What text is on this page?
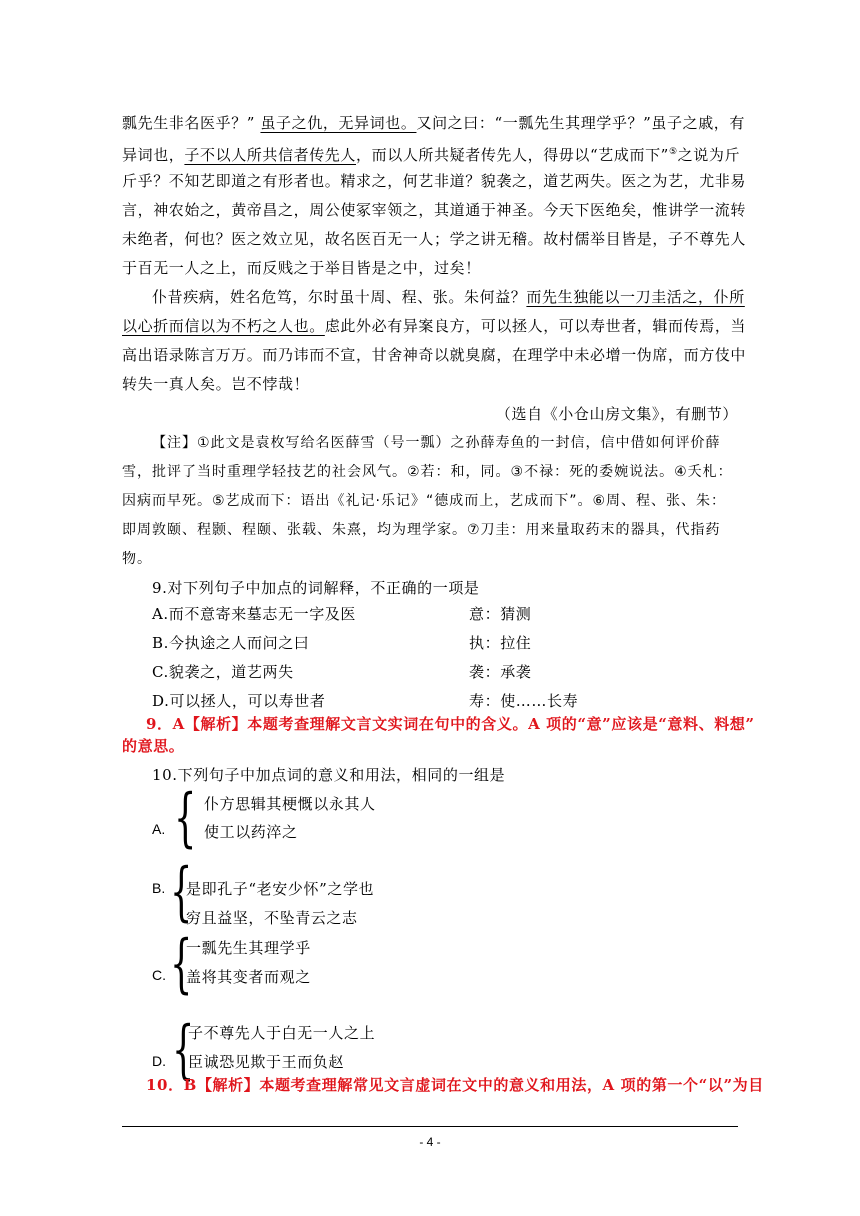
瓢先生非名医乎？” 虽子之仇，无异词也。又问之曰：“一瓢先生其理学乎？”虽子之戚，有
异词也，子不以人所共信者传先人，而以人所共疑者传先人，得毋以“艺成而下”⑤之说为斤
斤乎？不知艺即道之有形者也。精求之，何艺非道？貌袭之，道艺两失。医之为艺，尤非易
言，神农始之，黄帝昌之，周公使冢宰领之，其道通于神圣。今天下医绝矣，惟讲学一流转
未绝者，何也？医之效立见，故名医百无一人；学之讲无稽。故村儒举目皆是，子不尊先人
于百无一人之上，而反贱之于举目皆是之中，过矣！
仆昔疾病，姓名危笃，尔时虽十周、程、张。朱何益？而先生独能以一刀圭活之，仆所
以心折而信以为不朽之人也。虑此外必有异案良方，可以拯人，可以寿世者，辑而传焉，当
高出语录陈言万万。而乃讳而不宣，甘舍神奇以就臭腐，在理学中未必增一伪席，而方伎中
转失一真人矣。岂不悖哉！
（选自《小仓山房文集》，有删节）
【注】①此文是袁枚写给名医薛雪（号一瓢）之孙薛寿鱼的一封信，信中借如何评价薛
雪，批评了当时重理学轻技艺的社会风气。②若：和，同。③不禄：死的委婉说法。④夭札：
因病而早死。⑤艺成而下：语出《礼记·乐记》“德成而上，艺成而下”。⑥周、程、张、朱：
即周敦颐、程颢、程颐、张载、朱熹，均为理学家。⑦刀圭：用来量取药末的器具，代指药
物。
9.对下列句子中加点的词解释，不正确的一项是
A.而不意寄来墓志无一字及医	意：猜测
B.今执途之人而问之曰	执：拉住
C.貌袭之，道艺两失	袭：承袭
D.可以拯人，可以寿世者	寿：使……长寿
9．A【解析】本题考查理解文言文实词在句中的含义。A 项的“意”应该是“意料、料想”
的意思。
10.下列句子中加点词的意义和用法，相同的一组是
{
A.
仆方思辑其梗慨以永其人
使工以药淬之
{
B. 是即孔子“老安少怀”之学也
穷且益坚，不坠青云之志
{
C.
一瓢先生其理学乎
盖将其变者而观之
{
D.
子不尊先人于白无一人之上
臣诚恐见欺于王而负赵
10．B【解析】本题考查理解常见文言虚词在文中的意义和用法，A 项的第一个“以”为目
- 4 -
